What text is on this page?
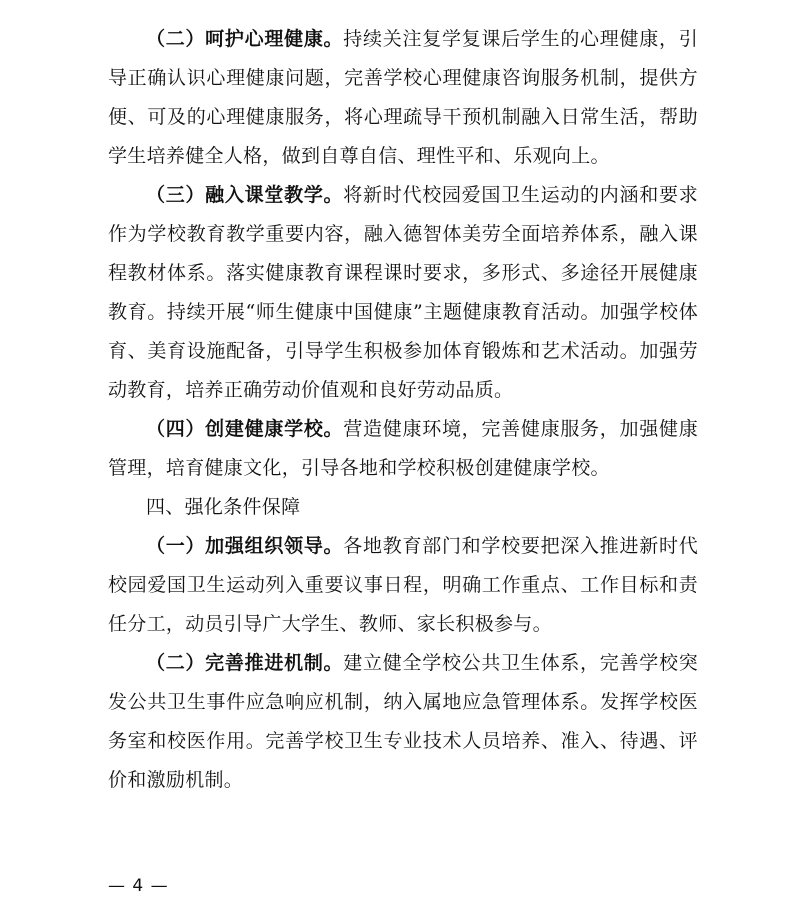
（二）呵护心理健康。持续关注复学复课后学生的心理健康，引导正确认识心理健康问题，完善学校心理健康咨询服务机制，提供方便、可及的心理健康服务，将心理疏导干预机制融入日常生活，帮助学生培养健全人格，做到自尊自信、理性平和、乐观向上。

（三）融入课堂教学。将新时代校园爱国卫生运动的内涵和要求作为学校教育教学重要内容，融入德智体美劳全面培养体系，融入课程教材体系。落实健康教育课程课时要求，多形式、多途径开展健康教育。持续开展“师生健康中国健康”主题健康教育活动。加强学校体育、美育设施配备，引导学生积极参加体育锻炼和艺术活动。加强劳动教育，培养正确劳动价值观和良好劳动品质。

（四）创建健康学校。营造健康环境，完善健康服务，加强健康管理，培育健康文化，引导各地和学校积极创建健康学校。

四、强化条件保障

（一）加强组织领导。各地教育部门和学校要把深入推进新时代校园爱国卫生运动列入重要议事日程，明确工作重点、工作目标和责任分工，动员引导广大学生、教师、家长积极参与。

（二）完善推进机制。建立健全学校公共卫生体系，完善学校突发公共卫生事件应急响应机制，纳入属地应急管理体系。发挥学校医务室和校医作用。完善学校卫生专业技术人员培养、准入、待遇、评价和激励机制。

— 4 —
